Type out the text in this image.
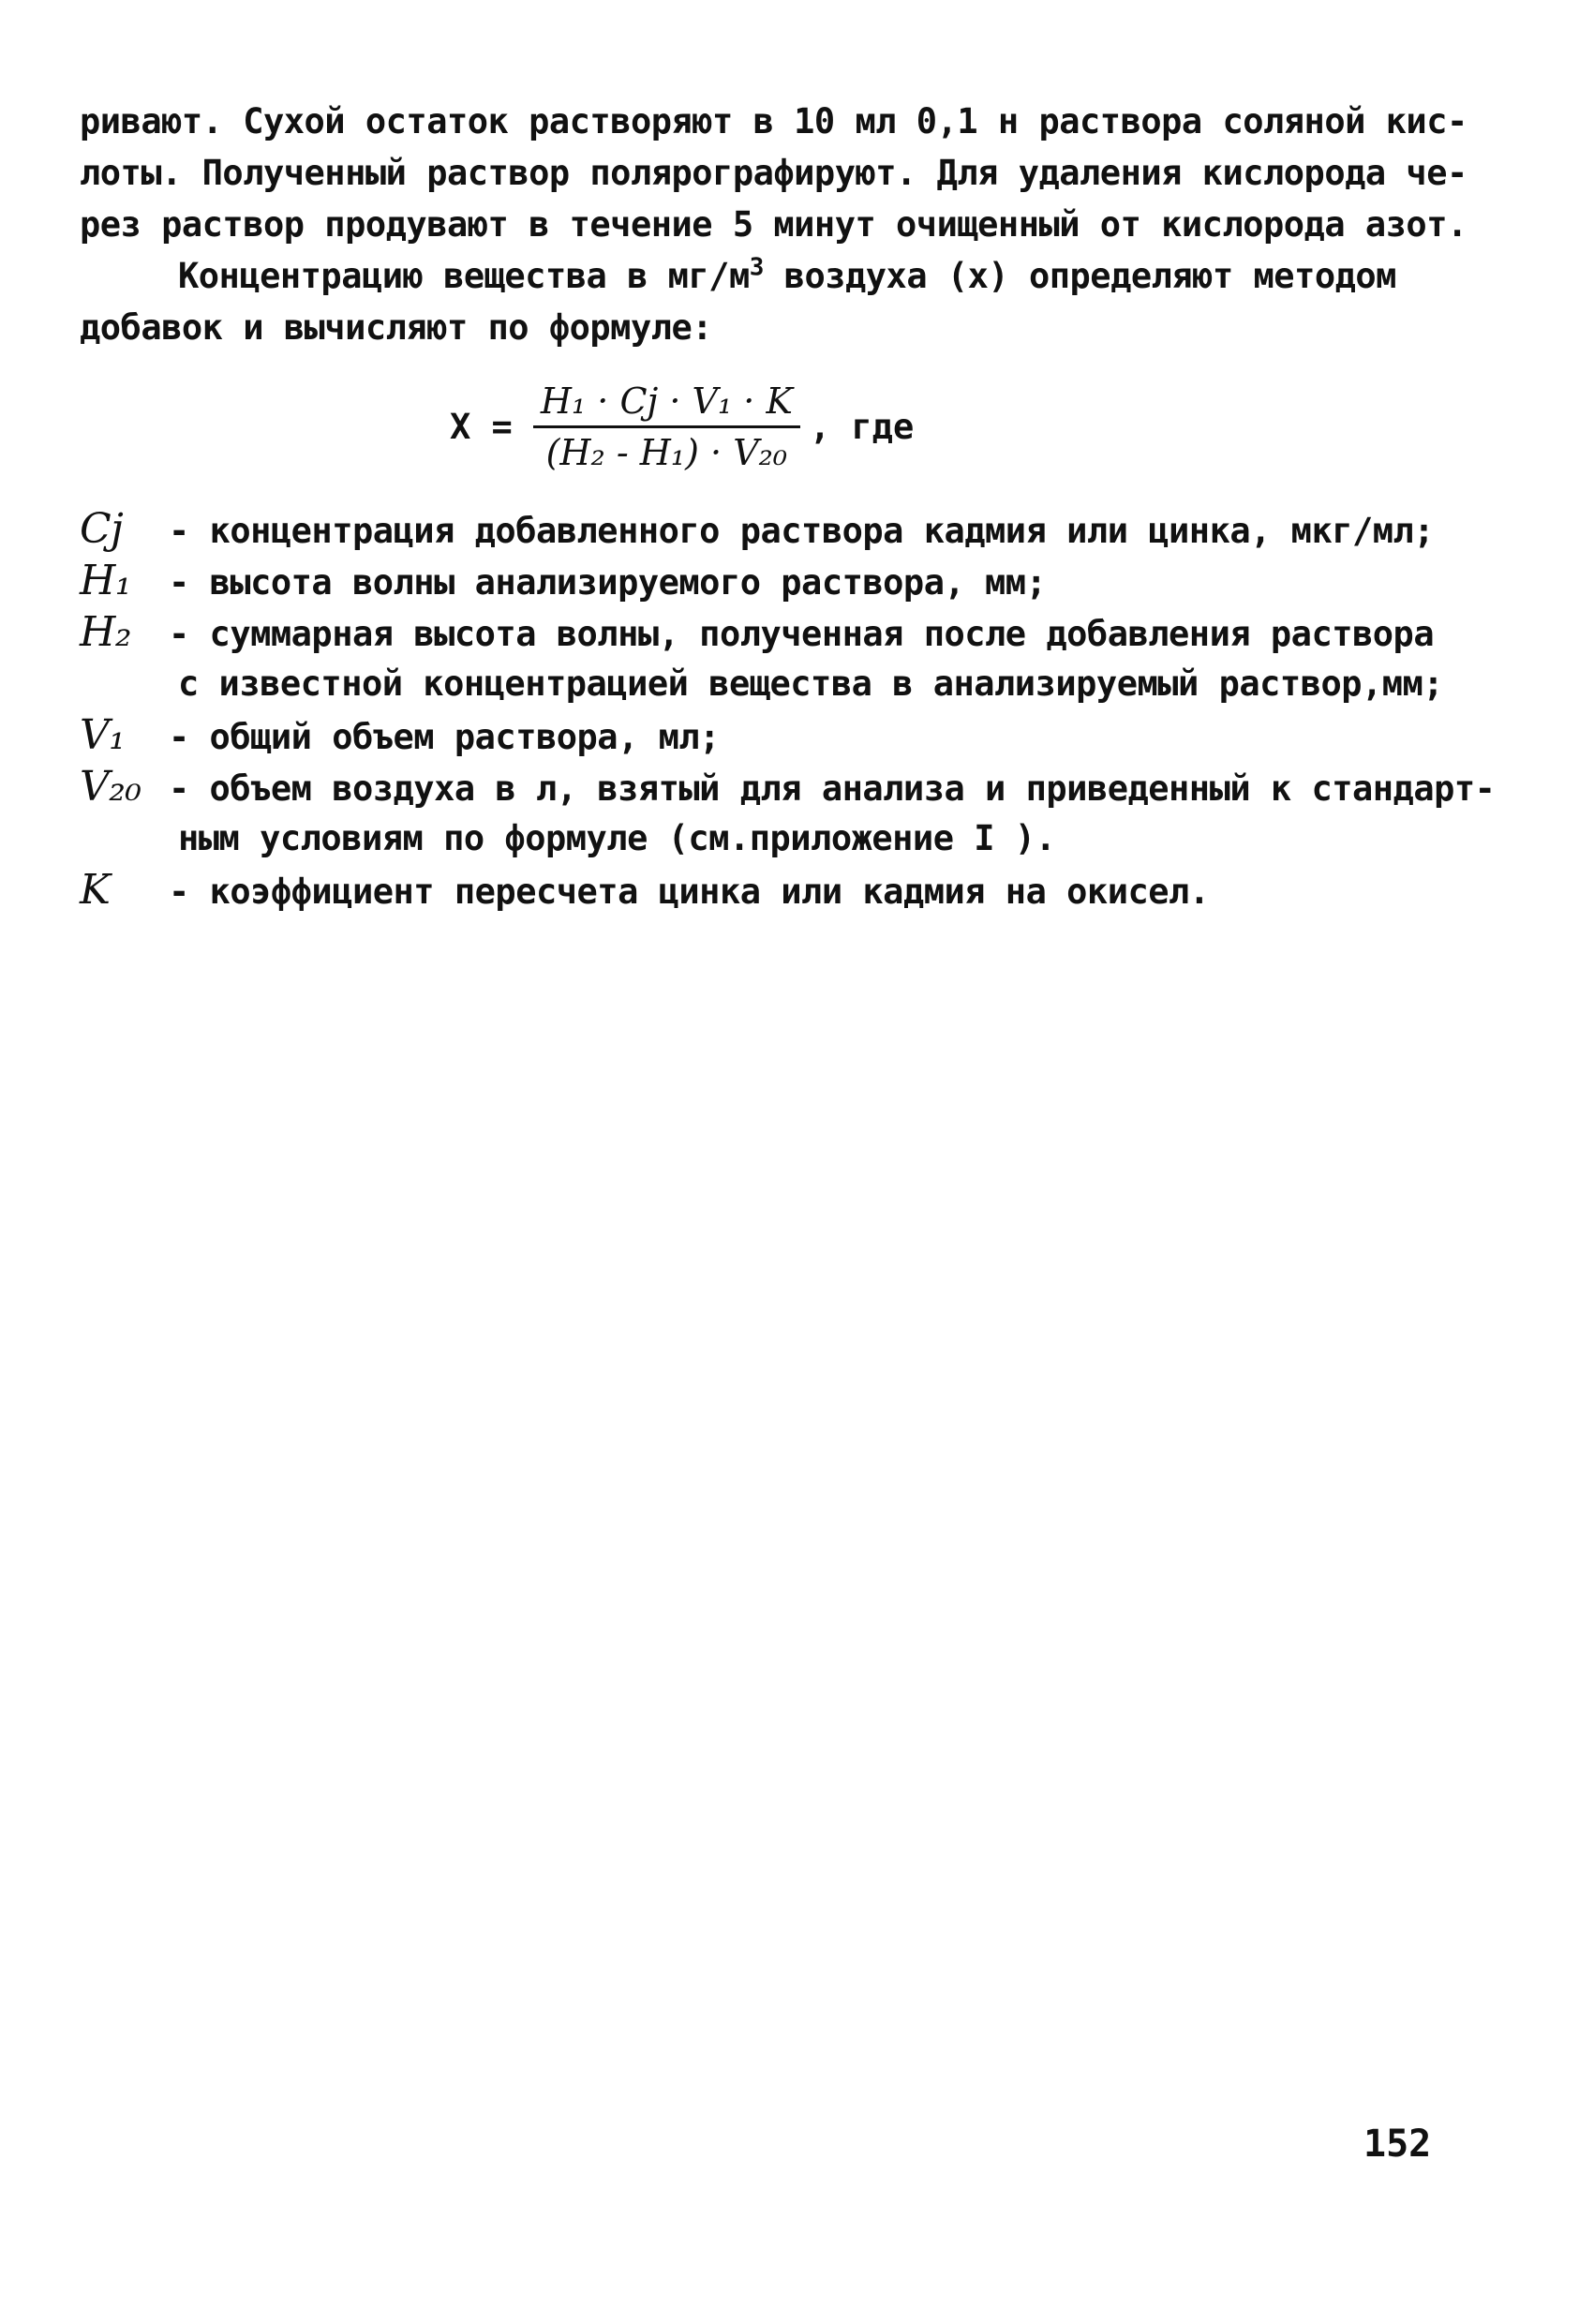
ривают. Сухой остаток растворяют в 10 мл 0,1 н раствора соляной кис-
лоты. Полученный раствор полярографируют. Для удаления кислорода че-
рез раствор продувают в течение 5 минут очищенный от кислорода азот.
Концентрацию вещества в $мг/м^3$ воздуха (х) определяют методом
добавок и вычисляют по формуле:
$Х = \frac{\text{H₁ · Cj · V₁ · K}}{\text{(H₂ - H₁) · V₂₀}}$ , где
Cj - концентрация добавленного раствора кадмия или цинка, мкг/мл;
H₁ - высота волны анализируемого раствора, мм;
H₂ - суммарная высота волны, полученная после добавления раствора
с известной концентрацией вещества в анализируемый раствор,мм;
V₁ - общий объем раствора, мл;
V₂₀ - объем воздуха в л, взятый для анализа и приведенный к стандарт-
ным условиям по формуле (см.приложение I ).
K - коэффициент пересчета цинка или кадмия на окисел.
152
